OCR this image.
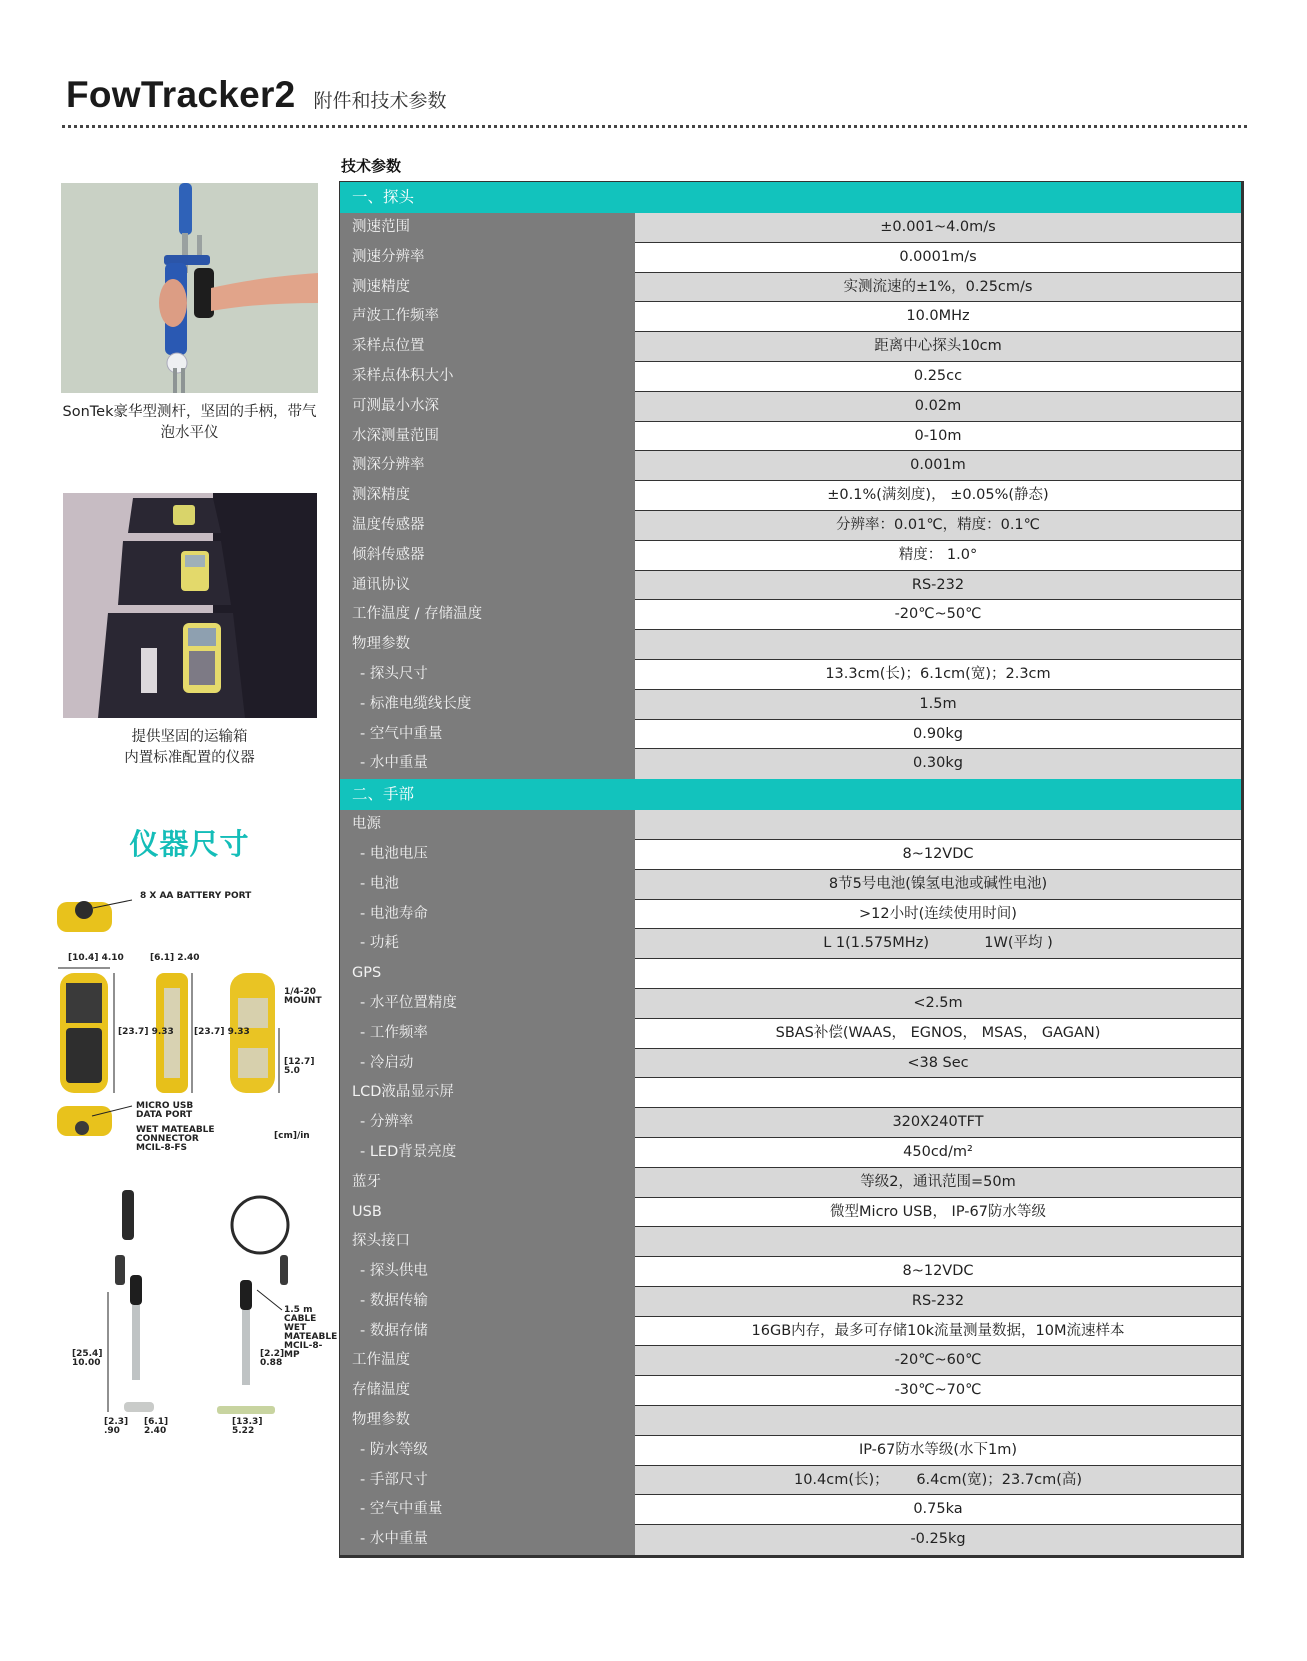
FowTracker2 附件和技术参数
SonTek豪华型测杆，坚固的手柄，带气泡水平仪
提供坚固的运输箱
内置标准配置的仪器
仪器尺寸
8 X AA BATTERY PORT
[10.4] 4.10	[6.1] 2.40
[23.7] 9.33 [23.7] 9.33
1/4-20 MOUNT
[12.7] 5.0
MICRO USB DATA PORT
WET MATEABLE CONNECTOR MCIL-8-FS
[cm]/in
1.5 m CABLE WET MATEABLE MCIL-8-MP
[25.4] 10.00
[2.2] 0.88
[2.3] .90
[6.1] 2.40
[13.3] 5.22
技术参数
一、探头
测速范围	±0.001~4.0m/s
测速分辨率	0.0001m/s
测速精度	实测流速的±1%，0.25cm/s
声波工作频率	10.0MHz
采样点位置	距离中心探头10cm
采样点体积大小	0.25cc
可测最小水深	0.02m
水深测量范围	0-10m
测深分辨率	0.001m
测深精度	±0.1%(满刻度)， ±0.05%(静态)
温度传感器	分辨率：0.01℃，精度：0.1℃
倾斜传感器	精度： 1.0°
通讯协议	RS-232
工作温度 / 存储温度	-20℃~50℃
物理参数
- 探头尺寸	13.3cm(长)；6.1cm(宽)；2.3cm
- 标准电缆线长度	1.5m
- 空气中重量	0.90kg
- 水中重量	0.30kg
二、手部
电源
- 电池电压	8~12VDC
- 电池	8节5号电池(镍氢电池或碱性电池)
- 电池寿命	>12小时(连续使用时间)
- 功耗	L 1(1.575MHz)            1W(平均 )
GPS
- 水平位置精度	<2.5m
- 工作频率	SBAS补偿(WAAS， EGNOS， MSAS， GAGAN)
- 冷启动	<38 Sec
LCD液晶显示屏
- 分辨率	320X240TFT
- LED背景亮度	450cd/m²
蓝牙	等级2，通讯范围=50m
USB	微型Micro USB， IP-67防水等级
探头接口
- 探头供电	8~12VDC
- 数据传输	RS-232
- 数据存储	16GB内存，最多可存储10k流量测量数据，10M流速样本
工作温度	-20℃~60℃
存储温度	-30℃~70℃
物理参数
- 防水等级	IP-67防水等级(水下1m)
- 手部尺寸	10.4cm(长)；      6.4cm(宽)；23.7cm(高)
- 空气中重量	0.75ka
- 水中重量	-0.25kg
